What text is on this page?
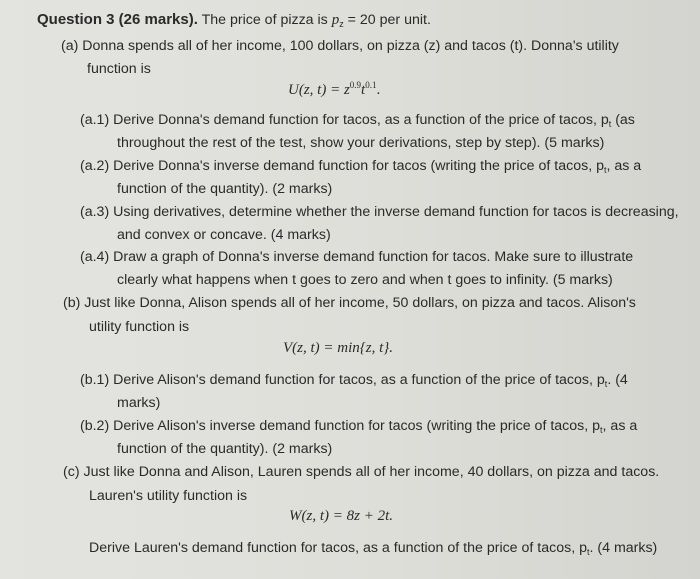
Question 3 (26 marks). The price of pizza is $p_z = 20$ per unit.
(a) Donna spends all of her income, 100 dollars, on pizza (z) and tacos (t). Donna's utility
function is
U(z, $t) = z^{0.9}t^{0.1}$.
(a.1) Derive Donna's demand function for tacos, as a function of the price of tacos, $p_t$ (as
throughout the rest of the test, show your derivations, step by step). (5 marks)
(a.2) Derive Donna's inverse demand function for tacos (writing the price of tacos, $p_t$, as a
function of the quantity). (2 marks)
(a.3) Using derivatives, determine whether the inverse demand function for tacos is decreasing,
and convex or concave. (4 marks)
(a.4) Draw a graph of Donna's inverse demand function for tacos. Make sure to illustrate
clearly what happens when t goes to zero and when t goes to infinity. (5 marks)
(b) Just like Donna, Alison spends all of her income, 50 dollars, on pizza and tacos. Alison's
utility function is
V(z, t) = min{z, t}.
(b.1) Derive Alison's demand function for tacos, as a function of the price of tacos, $p_t$. (4
marks)
(b.2) Derive Alison's inverse demand function for tacos (writing the price of tacos, $p_t$, as a
function of the quantity). (2 marks)
(c) Just like Donna and Alison, Lauren spends all of her income, 40 dollars, on pizza and tacos.
Lauren's utility function is
W(z, t) = 8z + 2t.
Derive Lauren's demand function for tacos, as a function of the price of tacos, $p_t$. (4 marks)
